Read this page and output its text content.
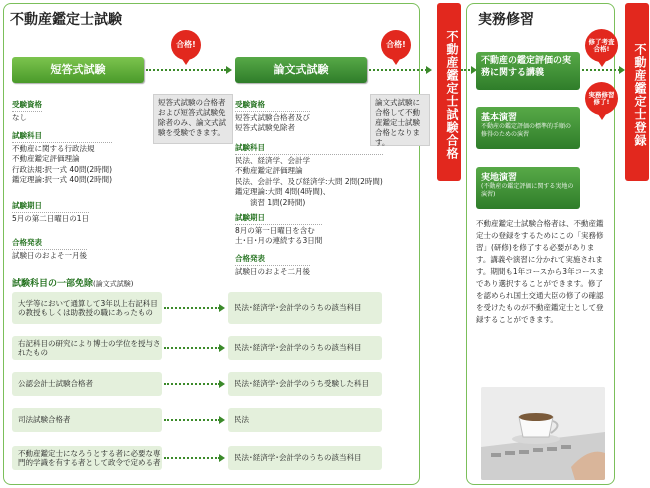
不動産鑑定士試験
短答式試験
合格!
短答式試験の合格者および短答式試験免除者のみ、論文式試験を受験できます。
論文式試験
合格!
論文式試験に合格して不動産鑑定士試験合格となります。
受験資格
なし
試験科目
不動産に関する行政法規
不動産鑑定評価理論
行政法規:択一式 40問(2時間)
鑑定理論:択一式 40問(2時間)
試験期日
5月の第二日曜日の1日
合格発表
試験日のおよそ一月後
受験資格
短答式試験合格者及び
短答式試験免除者
試験科目
民法、経済学、会計学
不動産鑑定評価理論
民法、会計学、及び経済学:大問 2問(2時間)
鑑定理論:大問 4問(4時間)、
　　演習 1問(2時間)
試験期日
8月の第一日曜日を含む
土･日･月の連続する3日間
合格発表
試験日のおよそ二月後
試験科目の一部免除(論文式試験)
大学等において通算して3年以上右記科目の教授もしくは助教授の職にあったもの
民法･経済学･会計学のうちの該当科目
右記科目の研究により博士の学位を授与されたもの
民法･経済学･会計学のうちの該当科目
公認会計士試験合格者	民法･経済学･会計学のうち受験した科目
司法試験合格者	民法
不動産鑑定士になろうとする者に必要な専門的学識を有する者として政令で定める者
民法･経済学･会計学のうちの該当科目
不動産鑑定士試験合格
実務修習
不動産の鑑定評価の実務に関する講義
基本演習
不動産の鑑定評価の標準的手順の修得のための演習
実地演習
(不動産の鑑定評価に関する実地の演習)
修了考査合格!
実務修習修了!
不動産鑑定士試験合格者は、不動産鑑定士の登録をするためにこの「実務修習」(研修)を修了する必要があります。講義や演習に分かれて実施されます。期間も1年コースから3年コースまであり選択することができます。修了を認められ国土交通大臣の修了の確認を受けたものが不動産鑑定士として登録することができます。
不動産鑑定士登録
